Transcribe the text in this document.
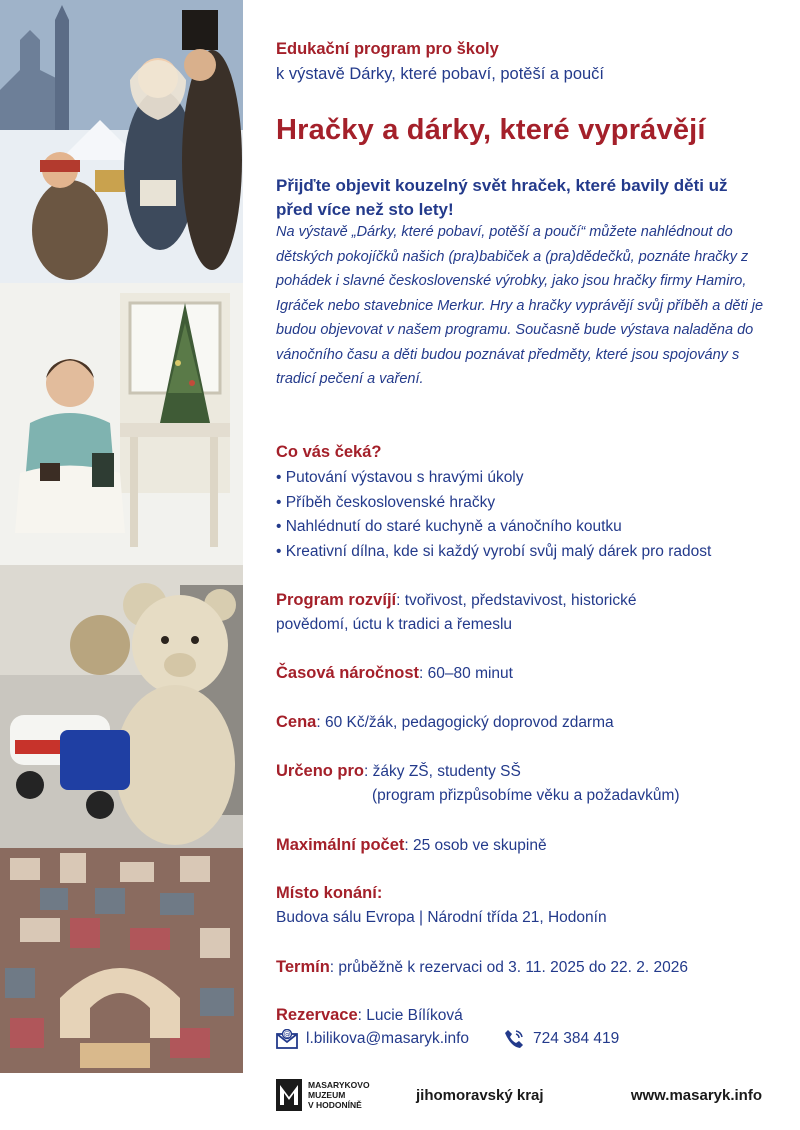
Edukační program pro školy
k výstavě Dárky, které pobaví, potěší a poučí
Hračky a dárky, které vyprávějí
Přijďte objevit kouzelný svět hraček, které bavily děti už před více než sto lety!
Na výstavě „Dárky, které pobaví, potěší a poučí“ můžete nahlédnout do dětských pokojíčků našich (pra)babiček a (pra)dědečků, poznáte hračky z pohádek i slavné československé výrobky, jako jsou hračky firmy Hamiro, Igráček nebo stavebnice Merkur. Hry a hračky vyprávějí svůj příběh a děti je budou objevovat v našem programu. Současně bude výstava naladěna do vánočního času a děti budou poznávat předměty, které jsou spojovány s tradicí pečení a vaření.
Co vás čeká?
• Putování výstavou s hravými úkoly
• Příběh československé hračky
• Nahlédnutí do staré kuchyně a vánočního koutku
• Kreativní dílna, kde si každý vyrobí svůj malý dárek pro radost
Program rozvíjí: tvořivost, představivost, historické
povědomí, úctu k tradici a řemeslu
Časová náročnost: 60–80 minut
Cena: 60 Kč/žák, pedagogický doprovod zdarma
Určeno pro: žáky ZŠ, studenty SŠ
(program přizpůsobíme věku a požadavkům)
Maximální počet: 25 osob ve skupině
Místo konání:
Budova sálu Evropa | Národní třída 21, Hodonín
Termín: průběžně k rezervaci od 3. 11. 2025 do 22. 2. 2026
Rezervace: Lucie Bílíková
@ l.bilikova@masaryk.info	724 384 419
MASARYKOVO
MUZEUM
V HODONÍNĚ
jihomoravský kraj	www.masaryk.info
